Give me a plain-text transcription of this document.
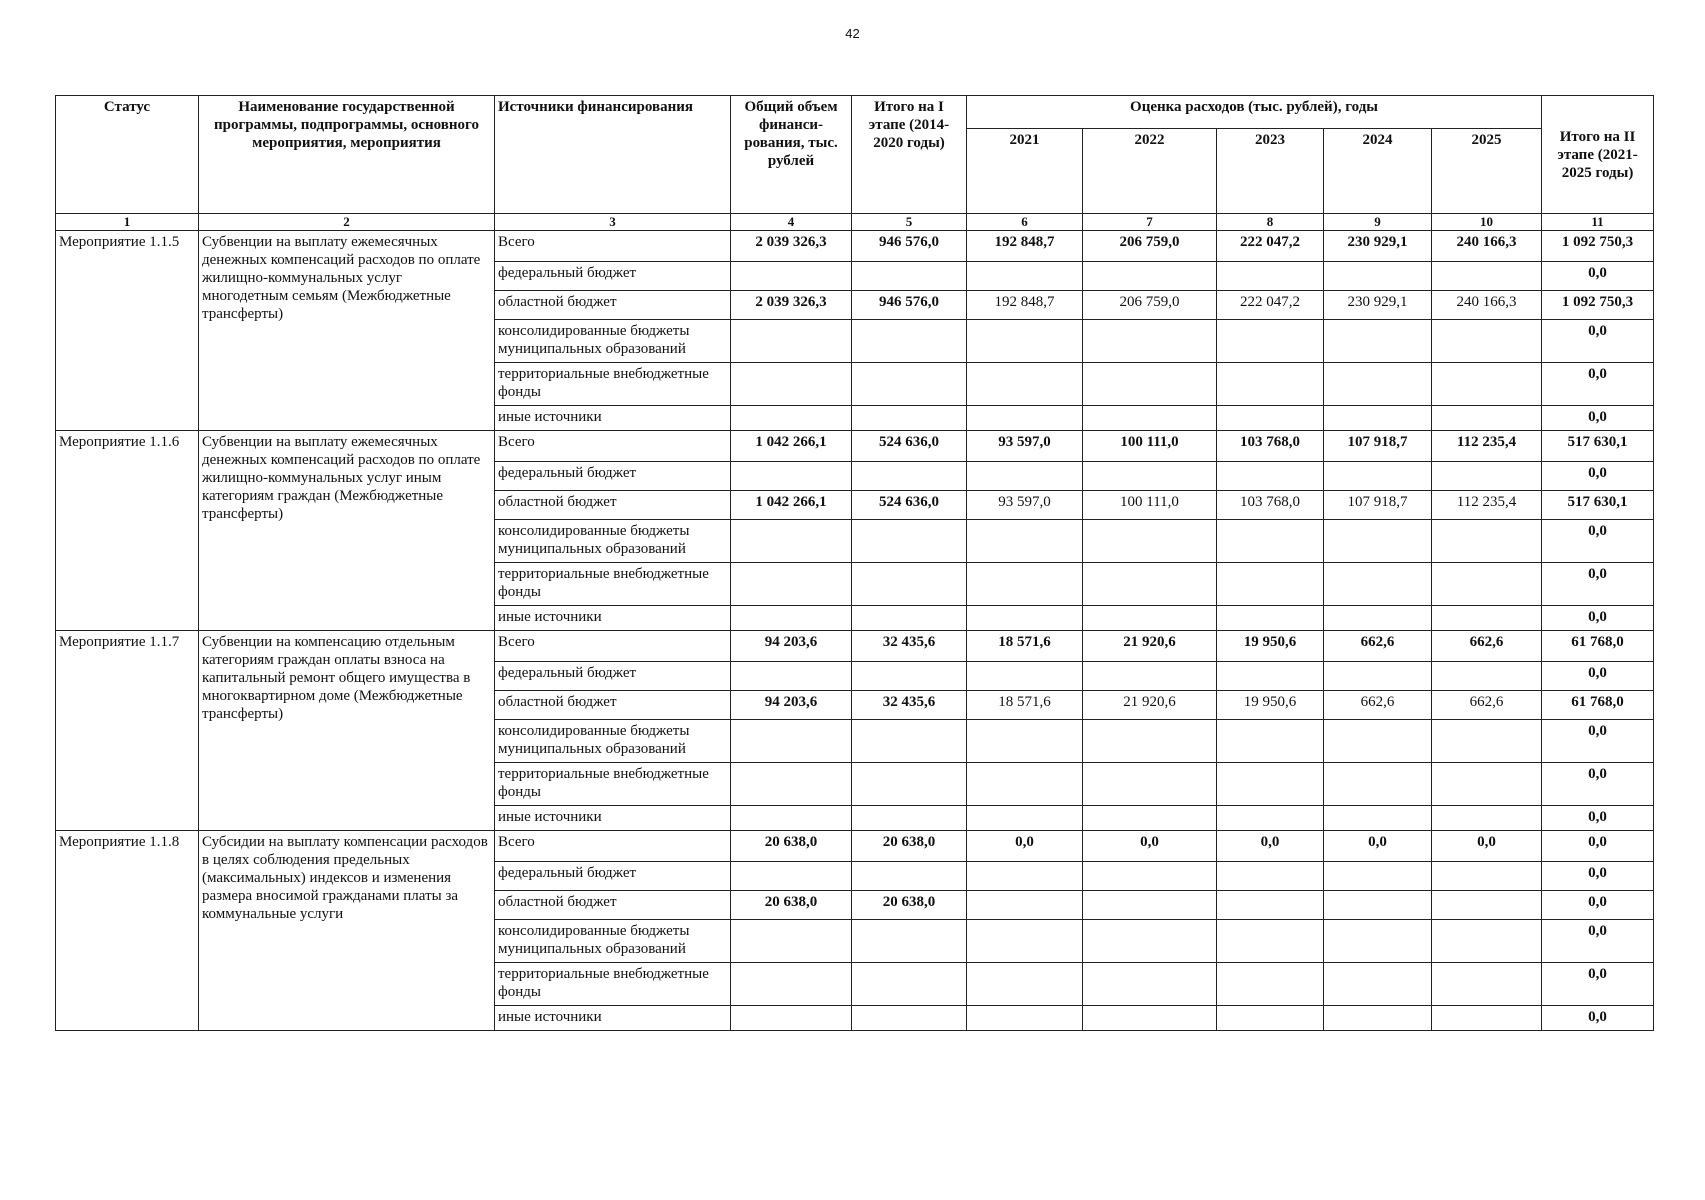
42
Статус	Наименование государственной программы, подпрограммы, основного мероприятия, мероприятия	Источники финансирования	Общий объем финанси-рования, тыс. рублей	Итого на I этапе (2014-2020 годы)	Оценка расходов (тыс. рублей), годы					Итого на II этапе (2021-2025 годы)
					2021	2022	2023	2024	2025	
1	2	3	4	5	6	7	8	9	10	11
Мероприятие 1.1.5	Субвенции на выплату ежемесячных денежных компенсаций расходов по оплате жилищно-коммунальных услуг многодетным семьям (Межбюджетные трансферты)	Всего	2 039 326,3	946 576,0	192 848,7	206 759,0	222 047,2	230 929,1	240 166,3	1 092 750,3
		федеральный бюджет								0,0
		областной бюджет	2 039 326,3	946 576,0	192 848,7	206 759,0	222 047,2	230 929,1	240 166,3	1 092 750,3
		консолидированные бюджеты муниципальных образований								0,0
		территориальные внебюджетные фонды								0,0
		иные источники								0,0
Мероприятие 1.1.6	Субвенции на выплату ежемесячных денежных компенсаций расходов по оплате жилищно-коммунальных услуг иным категориям граждан (Межбюджетные трансферты)	Всего	1 042 266,1	524 636,0	93 597,0	100 111,0	103 768,0	107 918,7	112 235,4	517 630,1
		федеральный бюджет								0,0
		областной бюджет	1 042 266,1	524 636,0	93 597,0	100 111,0	103 768,0	107 918,7	112 235,4	517 630,1
		консолидированные бюджеты муниципальных образований								0,0
		территориальные внебюджетные фонды								0,0
		иные источники								0,0
Мероприятие 1.1.7	Субвенции на компенсацию отдельным категориям граждан оплаты взноса на капитальный ремонт общего имущества в многоквартирном доме (Межбюджетные трансферты)	Всего	94 203,6	32 435,6	18 571,6	21 920,6	19 950,6	662,6	662,6	61 768,0
		федеральный бюджет								0,0
		областной бюджет	94 203,6	32 435,6	18 571,6	21 920,6	19 950,6	662,6	662,6	61 768,0
		консолидированные бюджеты муниципальных образований								0,0
		территориальные внебюджетные фонды								0,0
		иные источники								0,0
Мероприятие 1.1.8	Субсидии на выплату компенсации расходов в целях соблюдения предельных (максимальных) индексов и изменения размера вносимой гражданами платы за коммунальные услуги	Всего	20 638,0	20 638,0	0,0	0,0	0,0	0,0	0,0	0,0
		федеральный бюджет								0,0
		областной бюджет	20 638,0	20 638,0						0,0
		консолидированные бюджеты муниципальных образований								0,0
		территориальные внебюджетные фонды								0,0
		иные источники								0,0
